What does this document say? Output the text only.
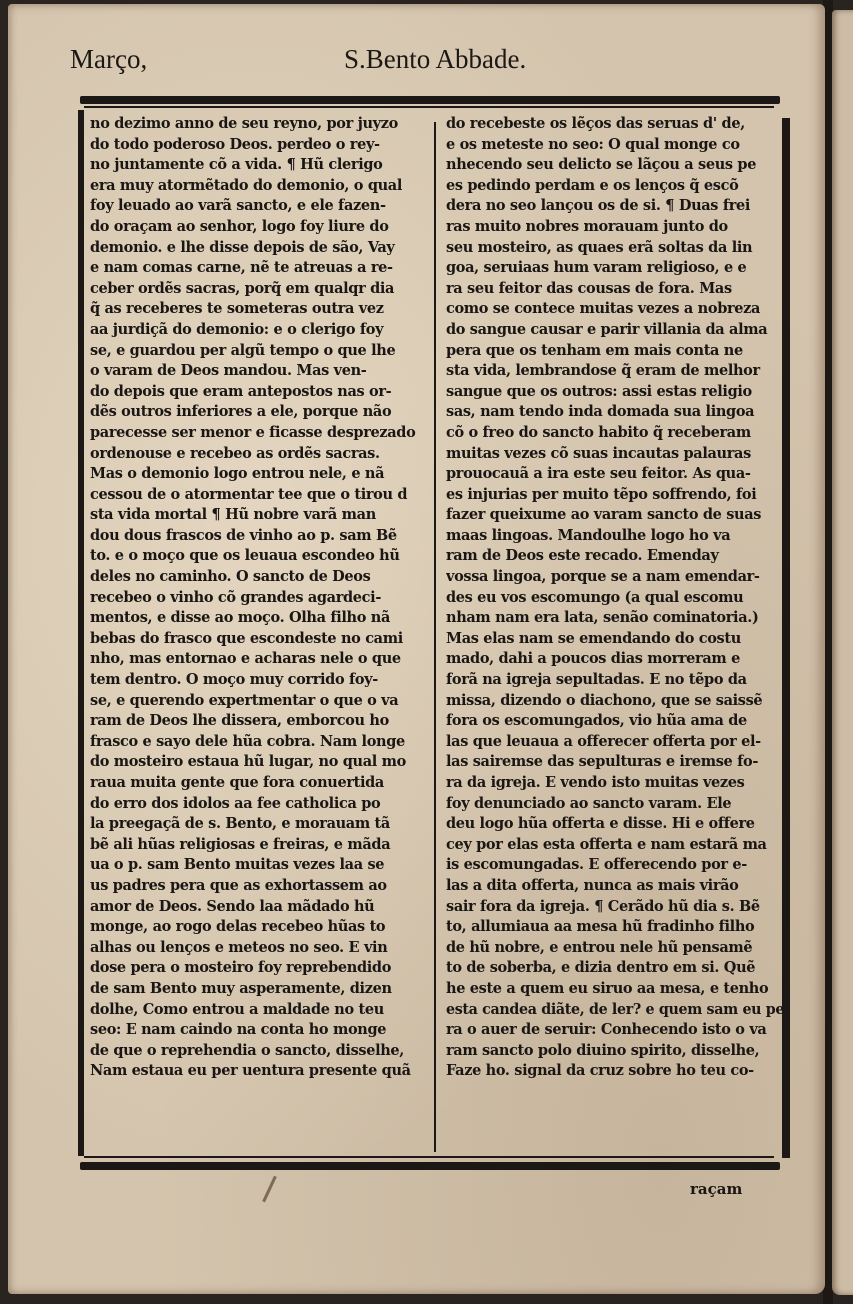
Março,	S.Bento Abbade.
no dezimo anno de seu reyno, por juyzo
do todo poderoso Deos. perdeo o rey-
no juntamente cõ a vida. ¶ Hũ clerigo
era muy atormẽtado do demonio, o qual
foy leuado ao varã sancto, e ele fazen-
do oraçam ao senhor, logo foy liure do
demonio. e lhe disse depois de são, Vay
e nam comas carne, nẽ te atreuas a re-
ceber ordẽs sacras, porq̃ em qualqr dia
q̃ as receberes te someteras outra vez
aa jurdiçã do demonio: e o clerigo foy
se, e guardou per algũ tempo o que lhe
o varam de Deos mandou. Mas ven-
do depois que eram antepostos nas or-
dẽs outros inferiores a ele, porque não
parecesse ser menor e ficasse desprezado
ordenouse e recebeo as ordẽs sacras.
Mas o demonio logo entrou nele, e nã
cessou de o atormentar tee que o tirou d
sta vida mortal ¶ Hũ nobre varã man
dou dous frascos de vinho ao p. sam Bẽ
to. e o moço que os leuaua escondeo hũ
deles no caminho. O sancto de Deos
recebeo o vinho cõ grandes agardeci-
mentos, e disse ao moço. Olha filho nã
bebas do frasco que escondeste no cami
nho, mas entornao e acharas nele o que
tem dentro. O moço muy corrido foy-
se, e querendo expertmentar o que o va
ram de Deos lhe dissera, emborcou ho
frasco e sayo dele hũa cobra. Nam longe
do mosteiro estaua hũ lugar, no qual mo
raua muita gente que fora conuertida
do erro dos idolos aa fee catholica po
la preegaçã de s. Bento, e morauam tã
bẽ ali hũas religiosas e freiras, e mãda
ua o p. sam Bento muitas vezes laa se
us padres pera que as exhortassem ao
amor de Deos. Sendo laa mãdado hũ
monge, ao rogo delas recebeo hũas to
alhas ou lenços e meteos no seo. E vin
dose pera o mosteiro foy reprebendido
de sam Bento muy asperamente, dizen
dolhe, Como entrou a maldade no teu
seo: E nam caindo na conta ho monge
de que o reprehendia o sancto, disselhe,
Nam estaua eu per uentura presente quã
do recebeste os lẽços das seruas d' de,
e os meteste no seo: O qual monge co
nhecendo seu delicto se lãçou a seus pe
es pedindo perdam e os lenços q̃ escõ
dera no seo lançou os de si. ¶ Duas frei
ras muito nobres morauam junto do
seu mosteiro, as quaes erã soltas da lin
goa, seruiaas hum varam religioso, e e
ra seu feitor das cousas de fora. Mas
como se contece muitas vezes a nobreza
do sangue causar e parir villania da alma
pera que os tenham em mais conta ne
sta vida, lembrandose q̃ eram de melhor
sangue que os outros: assi estas religio
sas, nam tendo inda domada sua lingoa
cõ o freo do sancto habito q̃ receberam
muitas vezes cõ suas incautas palauras
prouocauã a ira este seu feitor. As qua-
es injurias per muito tẽpo soffrendo, foi
fazer queixume ao varam sancto de suas
maas lingoas. Mandoulhe logo ho va
ram de Deos este recado. Emenday
vossa lingoa, porque se a nam emendar-
des eu vos escomungo (a qual escomu
nham nam era lata, senão cominatoria.)
Mas elas nam se emendando do costu
mado, dahi a poucos dias morreram e
forã na igreja sepultadas. E no tẽpo da
missa, dizendo o diachono, que se saissẽ
fora os escomungados, vio hũa ama de
las que leuaua a offerecer offerta por el-
las sairemse das sepulturas e iremse fo-
ra da igreja. E vendo isto muitas vezes
foy denunciado ao sancto varam. Ele
deu logo hũa offerta e disse. Hi e offere
cey por elas esta offerta e nam estarã ma
is escomungadas. E offerecendo por e-
las a dita offerta, nunca as mais virão
sair fora da igreja. ¶ Cerãdo hũ dia s. Bẽ
to, allumiaua aa mesa hũ fradinho filho
de hũ nobre, e entrou nele hũ pensamẽ
to de soberba, e dizia dentro em si. Quẽ
he este a quem eu siruo aa mesa, e tenho
esta candea diãte, de ler? e quem sam eu pe
ra o auer de seruir: Conhecendo isto o va
ram sancto polo diuino spirito, disselhe,
Faze ho. signal da cruz sobre ho teu co-
raçam
